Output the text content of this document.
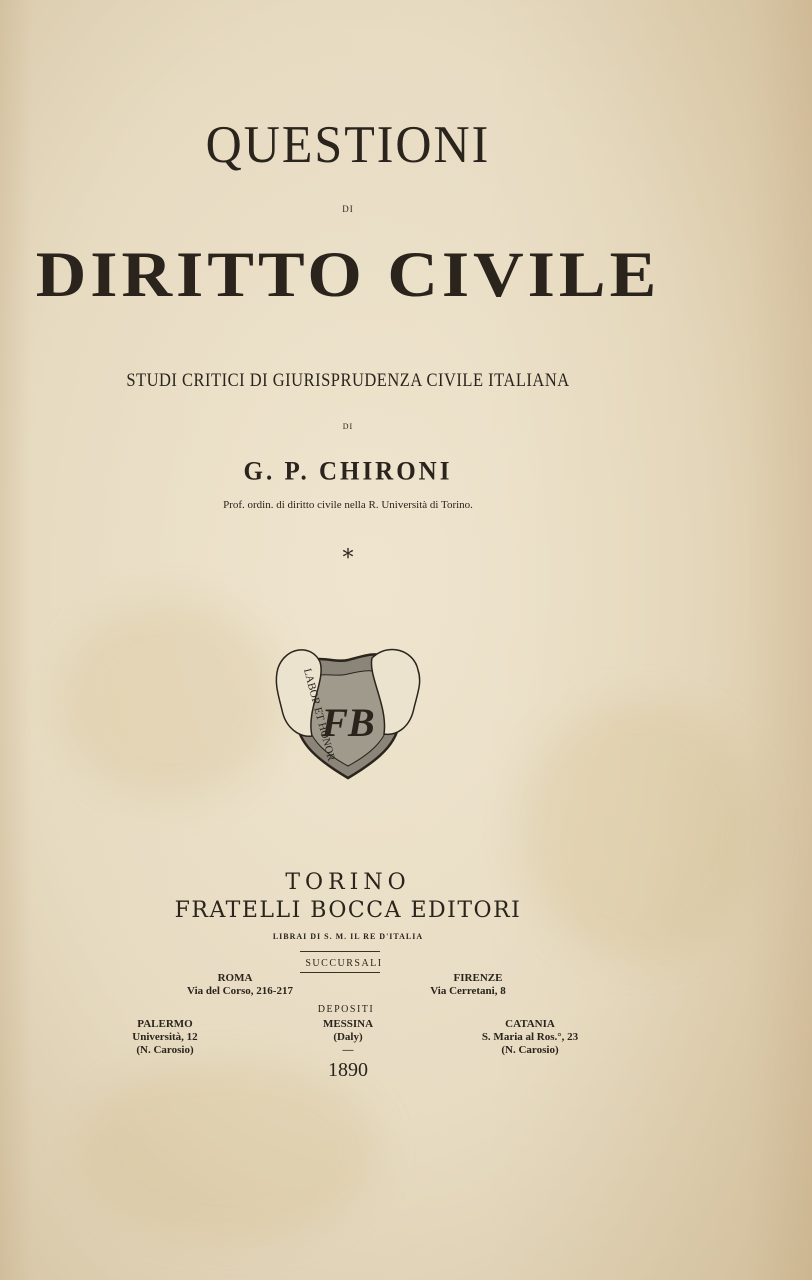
QUESTIONI

DI

DIRITTO CIVILE

STUDI CRITICI DI GIURISPRUDENZA CIVILE ITALIANA

DI

G. P. CHIRONI

Prof. ordin. di diritto civile nella R. Università di Torino.

*

LABOR ET HONOR
FB

TORINO

FRATELLI BOCCA EDITORI

LIBRAI DI S. M. IL RE D'ITALIA

SUCCURSALI
ROMA
Via del Corso, 216-217
FIRENZE
Via Cerretani, 8
DEPOSITI
PALERMO
Università, 12
(N. Carosio)
MESSINA
(Daly)
—
CATANIA
S. Maria al Ros.°, 23
(N. Carosio)

1890
